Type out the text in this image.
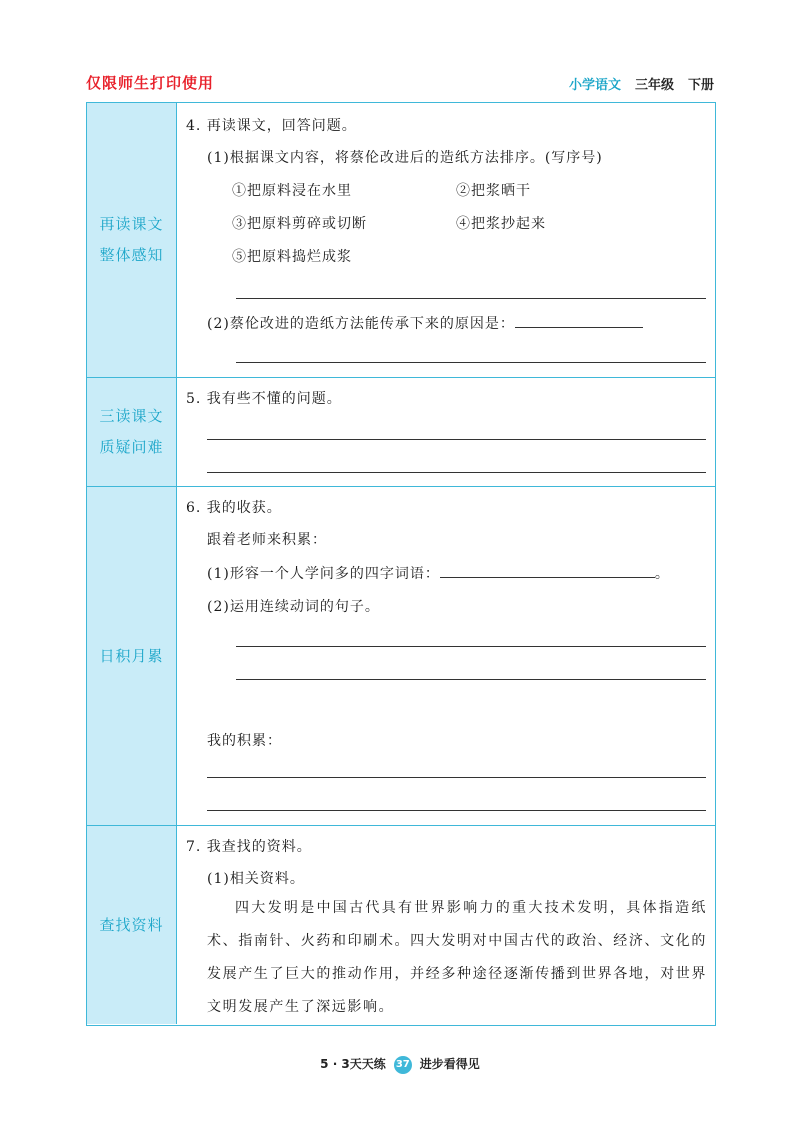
仅限师生打印使用	小学语文 三年级 下册
再读课文
整体感知
4. 再读课文，回答问题。
(1)根据课文内容，将蔡伦改进后的造纸方法排序。(写序号)
①把原料浸在水里	②把浆晒干
③把原料剪碎或切断	④把浆抄起来
⑤把原料捣烂成浆
(2)蔡伦改进的造纸方法能传承下来的原因是：
三读课文
质疑问难
5. 我有些不懂的问题。
日积月累
6. 我的收获。
跟着老师来积累：
(1)形容一个人学问多的四字词语：	。
(2)运用连续动词的句子。
我的积累：
查找资料
7. 我查找的资料。
(1)相关资料。
四大发明是中国古代具有世界影响力的重大技术发明，具体指造纸术、指南针、火药和印刷术。四大发明对中国古代的政治、经济、文化的发展产生了巨大的推动作用，并经多种途径逐渐传播到世界各地，对世界文明发展产生了深远影响。
5 · 3天天练 37 进步看得见
